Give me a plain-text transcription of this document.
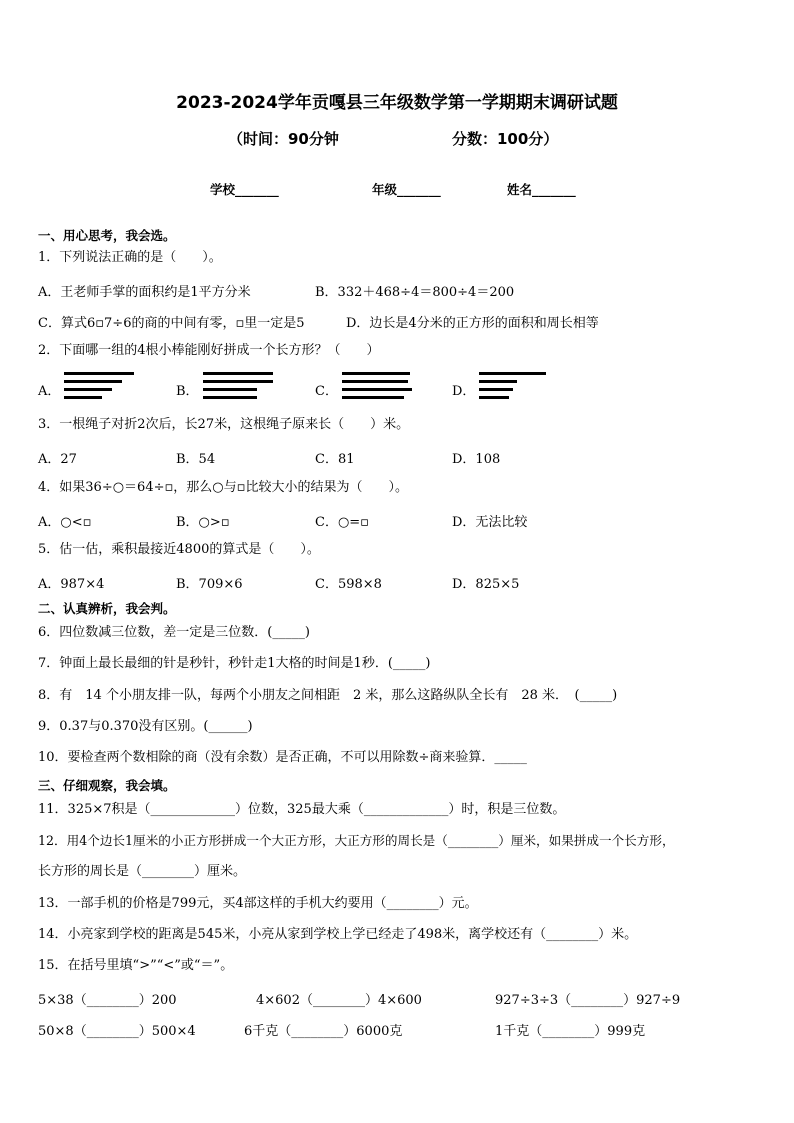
2023-2024学年贡嘎县三年级数学第一学期期末调研试题
（时间：90分钟	分数：100分）
学校_______	年级_______	姓名_______
一、用心思考，我会选。
1．下列说法正确的是（　　）。
A．王老师手掌的面积约是1平方分米	B．332＋468÷4＝800÷4＝200
C．算式6▫7÷6的商的中间有零，▫里一定是5	D．边长是4分米的正方形的面积和周长相等
2．下面哪一组的4根小棒能刚好拼成一个长方形？（　　）
A．	B．	C．	D．
3．一根绳子对折2次后，长27米，这根绳子原来长（　　）米。
A．27	B．54	C．81	D．108
4．如果36÷○＝64÷▫，那么○与▫比较大小的结果为（　　）。
A．○<▫	B．○>▫	C．○=▫	D．无法比较
5．估一估，乘积最接近4800的算式是（　　）。
A．987×4	B．709×6	C．598×8	D．825×5
二、认真辨析，我会判。
6．四位数减三位数，差一定是三位数．(_____)
7．钟面上最长最细的针是秒针，秒针走1大格的时间是1秒．(_____)
8．有　14 个小朋友排一队，每两个小朋友之间相距　2 米，那么这路纵队全长有　28 米．　(_____)
9．0.37与0.370没有区别。(______)
10．要检查两个数相除的商（没有余数）是否正确，不可以用除数÷商来验算．_____
三、仔细观察，我会填。
11．325×7积是（_____________）位数，325最大乘（_____________）时，积是三位数。
12．用4个边长1厘米的小正方形拼成一个大正方形，大正方形的周长是（________）厘米，如果拼成一个长方形，
长方形的周长是（________）厘米。
13．一部手机的价格是799元，买4部这样的手机大约要用（________）元。
14．小亮家到学校的距离是545米，小亮从家到学校上学已经走了498米，离学校还有（________）米。
15．在括号里填“>”“<”或“＝”。
5×38（________）200	4×602（________）4×600	927÷3÷3（________）927÷9
50×8（________）500×4	6千克（________）6000克	1千克（________）999克
